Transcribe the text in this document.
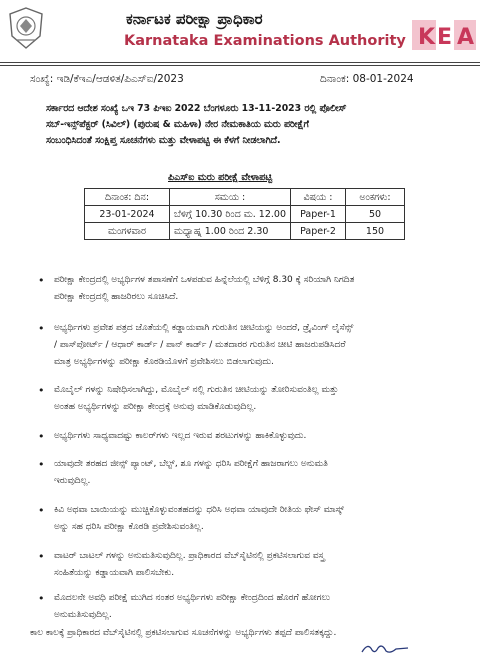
ಕರ್ನಾಟಕ ಪರೀಕ್ಷಾ ಪ್ರಾಧಿಕಾರ
Karnataka Examinations Authority K E A
ಸಂಖ್ಯೆ: ಇಡಿ/ಕೆಇಎ/ಆಡಳಿತ/ಪಿಎಸ್‌ಐ/2023	ದಿನಾಂಕ: 08-01-2024
ಸರ್ಕಾರದ ಆದೇಶ ಸಂಖ್ಯೆ ಒಇ 73 ಪಿಇಐ 2022 ಬೆಂಗಳೂರು 13-11-2023 ರಲ್ಲಿ ಪೊಲೀಸ್
ಸಬ್-ಇನ್ಸ್‌ಪೆಕ್ಟರ್ (ಸಿವಿಲ್) (ಪುರುಷ & ಮಹಿಳಾ) ನೇರ ನೇಮಕಾತಿಯ ಮರು ಪರೀಕ್ಷೆಗೆ
ಸಂಬಂಧಿಸಿದಂತೆ ಸಂಕ್ಷಿಪ್ತ ಸೂಚನೆಗಳು ಮತ್ತು ವೇಳಾಪಟ್ಟಿ ಈ ಕೆಳಗೆ ನೀಡಲಾಗಿದೆ.
ಪಿಎಸ್‌ಐ ಮರು ಪರೀಕ್ಷೆ ವೇಳಾಪಟ್ಟಿ
ದಿನಾಂಕ: ದಿನ:	ಸಮಯ :	ವಿಷಯ :	ಅಂಕಗಳು:
23-01-2024	ಬೆಳಿಗ್ಗೆ 10.30 ರಿಂದ ಮ. 12.00	Paper-1	50
ಮಂಗಳವಾರ	ಮಧ್ಯಾಹ್ನ 1.00 ರಿಂದ 2.30	Paper-2	150
• ಪರೀಕ್ಷಾ ಕೇಂದ್ರದಲ್ಲಿ ಅಭ್ಯರ್ಥಿಗಳ ತಪಾಸಣೆಗೆ ಒಳಪಡುವ ಹಿನ್ನೆಲೆಯಲ್ಲಿ ಬೆಳಿಗ್ಗೆ 8.30 ಕ್ಕೆ ಸರಿಯಾಗಿ ನಿಗದಿತ
ಪರೀಕ್ಷಾ ಕೇಂದ್ರದಲ್ಲಿ ಹಾಜರಿರಲು ಸೂಚಿಸಿದೆ.
• ಅಭ್ಯರ್ಥಿಗಳು ಪ್ರವೇಶ ಪತ್ರದ ಜೊತೆಯಲ್ಲಿ ಕಡ್ಡಾಯವಾಗಿ ಗುರುತಿನ ಚೀಟಿಯನ್ನು ಅಂದರೆ, ಡ್ರೈವಿಂಗ್ ಲೈಸೆನ್ಸ್
/ ಪಾಸ್‌ಪೋರ್ಟ್ / ಆಧಾರ್ ಕಾರ್ಡ್ / ಪಾನ್ ಕಾರ್ಡ್ / ಮತದಾರರ ಗುರುತಿನ ಚೀಟಿ ಹಾಜರುಪಡಿಸಿದರೆ
ಮಾತ್ರ ಅಭ್ಯರ್ಥಿಗಳನ್ನು ಪರೀಕ್ಷಾ ಕೊಠಡಿಯೊಳಗೆ ಪ್ರವೇಶಿಸಲು ಬಿಡಲಾಗುವುದು.
• ಮೊಬೈಲ್ ಗಳನ್ನು ನಿಷೇಧಿಸಲಾಗಿದ್ದು, ಮೊಬೈಲ್ ನಲ್ಲಿ ಗುರುತಿನ ಚೀಟಿಯನ್ನು ತೋರಿಸುವಂತಿಲ್ಲ ಮತ್ತು
ಅಂತಹ ಅಭ್ಯರ್ಥಿಗಳನ್ನು ಪರೀಕ್ಷಾ ಕೇಂದ್ರಕ್ಕೆ ಅನುವು ಮಾಡಿಕೊಡುವುದಿಲ್ಲ.
• ಅಭ್ಯರ್ಥಿಗಳು ಸಾಧ್ಯವಾದಷ್ಟು ಕಾಲರ್‌ಗಳು ಇಲ್ಲದ ಇರುವ ಶರಟುಗಳನ್ನು ಹಾಕಿಕೊಳ್ಳುವುದು.
• ಯಾವುದೇ ತರಹದ ಜೀನ್ಸ್ ಪ್ಯಾಂಟ್, ಬೆಲ್ಟ್, ಶೂ ಗಳನ್ನು ಧರಿಸಿ ಪರೀಕ್ಷೆಗೆ ಹಾಜರಾಗಲು ಅನುಮತಿ
ಇರುವುದಿಲ್ಲ.
• ಕಿವಿ ಅಥವಾ ಬಾಯಿಯನ್ನು ಮುಚ್ಚಿಕೊಳ್ಳುವಂತಹದನ್ನು ಧರಿಸಿ ಅಥವಾ ಯಾವುದೇ ರೀತಿಯ ಫೇಸ್ ಮಾಸ್ಕ್
ಅನ್ನು ಸಹ ಧರಿಸಿ ಪರೀಕ್ಷಾ ಕೊಠಡಿ ಪ್ರವೇಶಿಸುವಂತಿಲ್ಲ.
• ವಾಟರ್ ಬಾಟಲ್ ಗಳನ್ನು ಅನುಮತಿಸುವುದಿಲ್ಲ. ಪ್ರಾಧಿಕಾರದ ವೆಬ್‌ಸೈಟಿನಲ್ಲಿ ಪ್ರಕಟಿಸಲಾಗುವ ವಸ್ತ್ರ
ಸಂಹಿತೆಯನ್ನು ಕಡ್ಡಾಯವಾಗಿ ಪಾಲಿಸಬೇಕು.
• ಮೊದಲನೇ ಅವಧಿ ಪರೀಕ್ಷೆ ಮುಗಿದ ನಂತರ ಅಭ್ಯರ್ಥಿಗಳು ಪರೀಕ್ಷಾ ಕೇಂದ್ರದಿಂದ ಹೊರಗೆ ಹೋಗಲು
ಅನುಮತಿಸುವುದಿಲ್ಲ.
ಕಾಲ ಕಾಲಕ್ಕೆ ಪ್ರಾಧಿಕಾರದ ವೆಬ್‌ಸೈಟಿನಲ್ಲಿ ಪ್ರಕಟಿಸಲಾಗುವ ಸೂಚನೆಗಳನ್ನು ಅಭ್ಯರ್ಥಿಗಳು ತಪ್ಪದೆ ಪಾಲಿಸತಕ್ಕದ್ದು.
